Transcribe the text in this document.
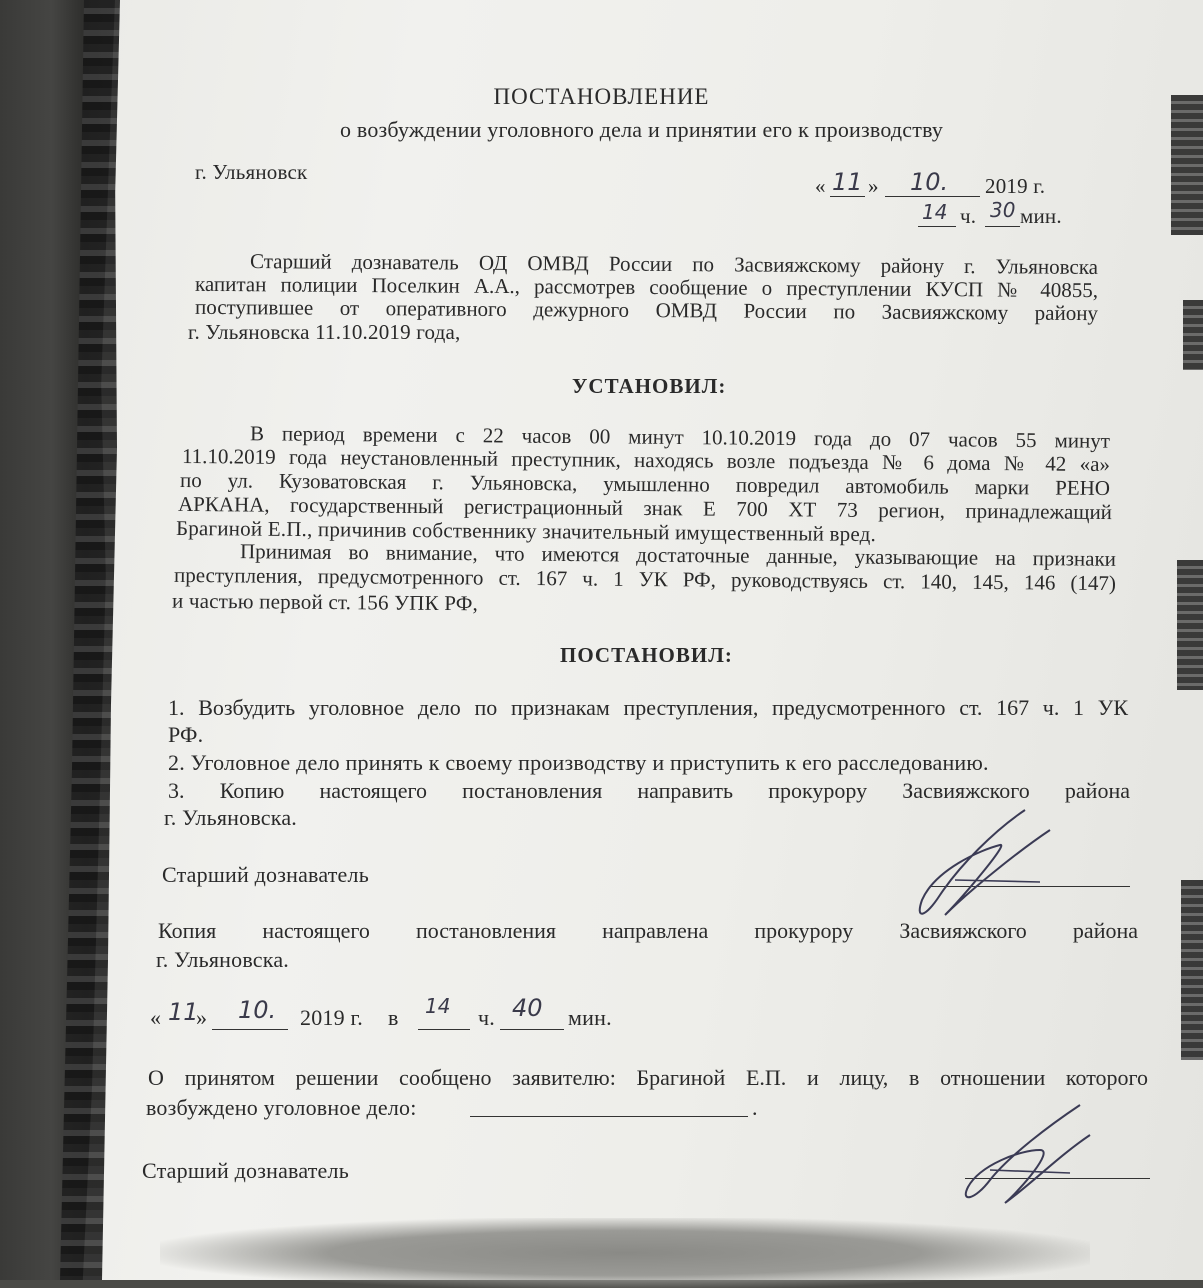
ПОСТАНОВЛЕНИЕ
о возбуждении уголовного дела и принятии его к производству
г. Ульяновск
« 11 » 10. 2019 г.
14 ч. 30 мин.
Старший дознаватель ОД ОМВД России по Засвияжскому району г. Ульяновска
капитан полиции Поселкин А.А., рассмотрев сообщение о преступлении КУСП № 40855,
поступившее от оперативного дежурного ОМВД России по Засвияжскому району
г. Ульяновска 11.10.2019 года,
УСТАНОВИЛ:
В период времени с 22 часов 00 минут 10.10.2019 года до 07 часов 55 минут
11.10.2019 года неустановленный преступник, находясь возле подъезда № 6 дома № 42 «а»
по ул. Кузоватовская г. Ульяновска, умышленно повредил автомобиль марки РЕНО
АРКАНА, государственный регистрационный знак Е 700 ХТ 73 регион, принадлежащий
Брагиной Е.П., причинив собственнику значительный имущественный вред.
Принимая во внимание, что имеются достаточные данные, указывающие на признаки
преступления, предусмотренного ст. 167 ч. 1 УК РФ, руководствуясь ст. 140, 145, 146 (147)
и частью первой ст. 156 УПК РФ,
ПОСТАНОВИЛ:
1. Возбудить уголовное дело по признакам преступления, предусмотренного ст. 167 ч. 1 УК
РФ.
2. Уголовное дело принять к своему производству и приступить к его расследованию.
3. Копию настоящего постановления направить прокурору Засвияжского района
г. Ульяновска.
Старший дознаватель
Копия настоящего постановления направлена прокурору Засвияжского района
г. Ульяновска.
« 11
» 10. 2019 г. в 14 ч. 40 мин.
О принятом решении сообщено заявителю: Брагиной Е.П. и лицу, в отношении которого
возбуждено уголовное дело:	.
Старший дознаватель
